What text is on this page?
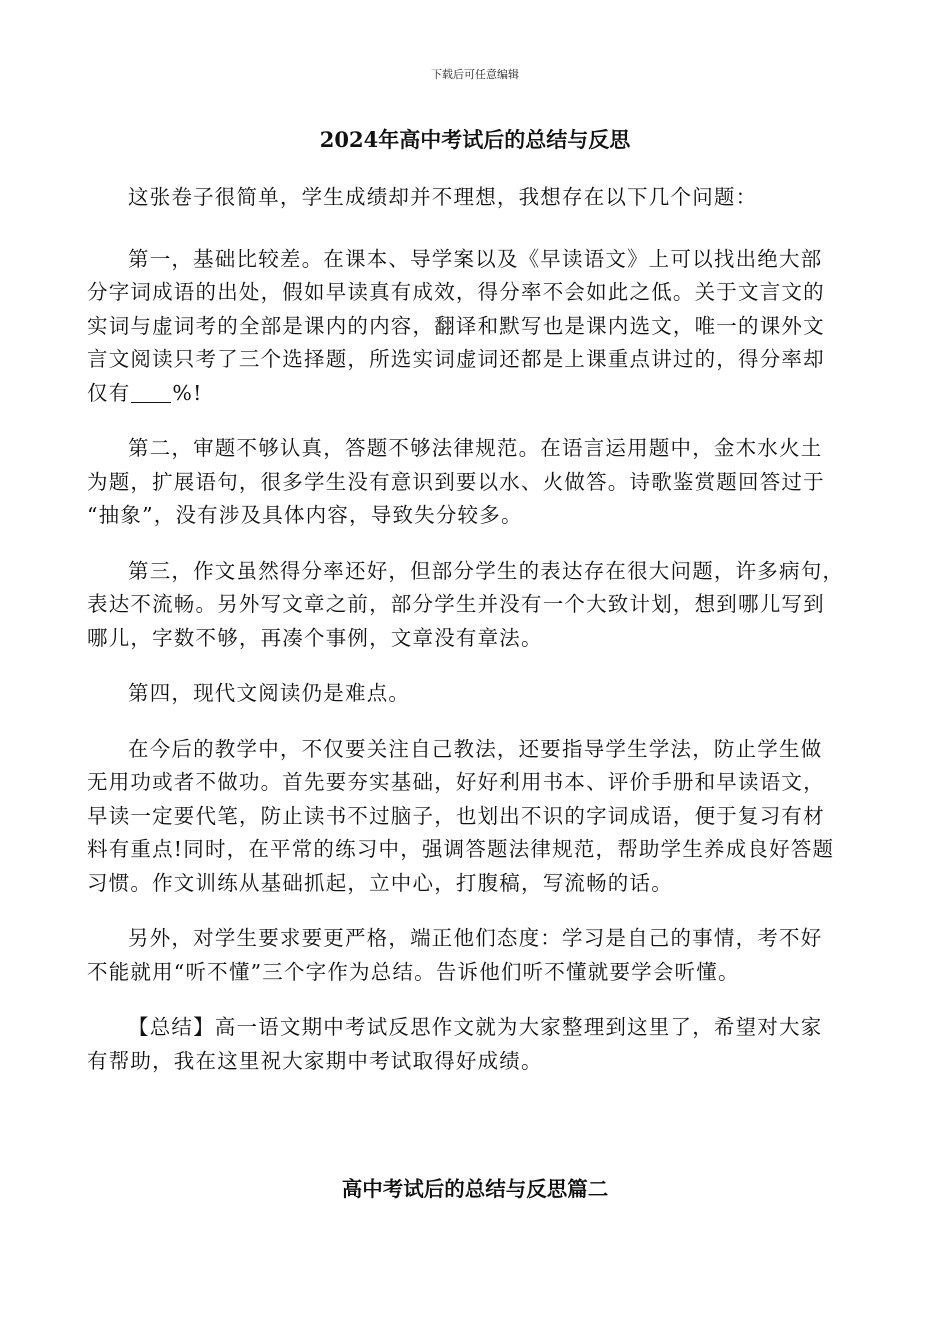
下载后可任意编辑
2024年高中考试后的总结与反思
这张卷子很简单，学生成绩却并不理想，我想存在以下几个问题：
第一，基础比较差。在课本、导学案以及《早读语文》上可以找出绝大部
分字词成语的出处，假如早读真有成效，得分率不会如此之低。关于文言文的
实词与虚词考的全部是课内的内容，翻译和默写也是课内选文，唯一的课外文
言文阅读只考了三个选择题，所选实词虚词还都是上课重点讲过的，得分率却
仅有 %!
第二，审题不够认真，答题不够法律规范。在语言运用题中，金木水火土
为题，扩展语句，很多学生没有意识到要以水、火做答。诗歌鉴赏题回答过于
“抽象”，没有涉及具体内容，导致失分较多。
第三，作文虽然得分率还好，但部分学生的表达存在很大问题，许多病句，
表达不流畅。另外写文章之前，部分学生并没有一个大致计划，想到哪儿写到
哪儿，字数不够，再凑个事例，文章没有章法。
第四，现代文阅读仍是难点。
在今后的教学中，不仅要关注自己教法，还要指导学生学法，防止学生做
无用功或者不做功。首先要夯实基础，好好利用书本、评价手册和早读语文，
早读一定要代笔，防止读书不过脑子，也划出不识的字词成语，便于复习有材
料有重点!同时，在平常的练习中，强调答题法律规范，帮助学生养成良好答题
习惯。作文训练从基础抓起，立中心，打腹稿，写流畅的话。
另外，对学生要求要更严格，端正他们态度：学习是自己的事情，考不好
不能就用“听不懂”三个字作为总结。告诉他们听不懂就要学会听懂。
【总结】高一语文期中考试反思作文就为大家整理到这里了，希望对大家
有帮助，我在这里祝大家期中考试取得好成绩。
高中考试后的总结与反思篇二
